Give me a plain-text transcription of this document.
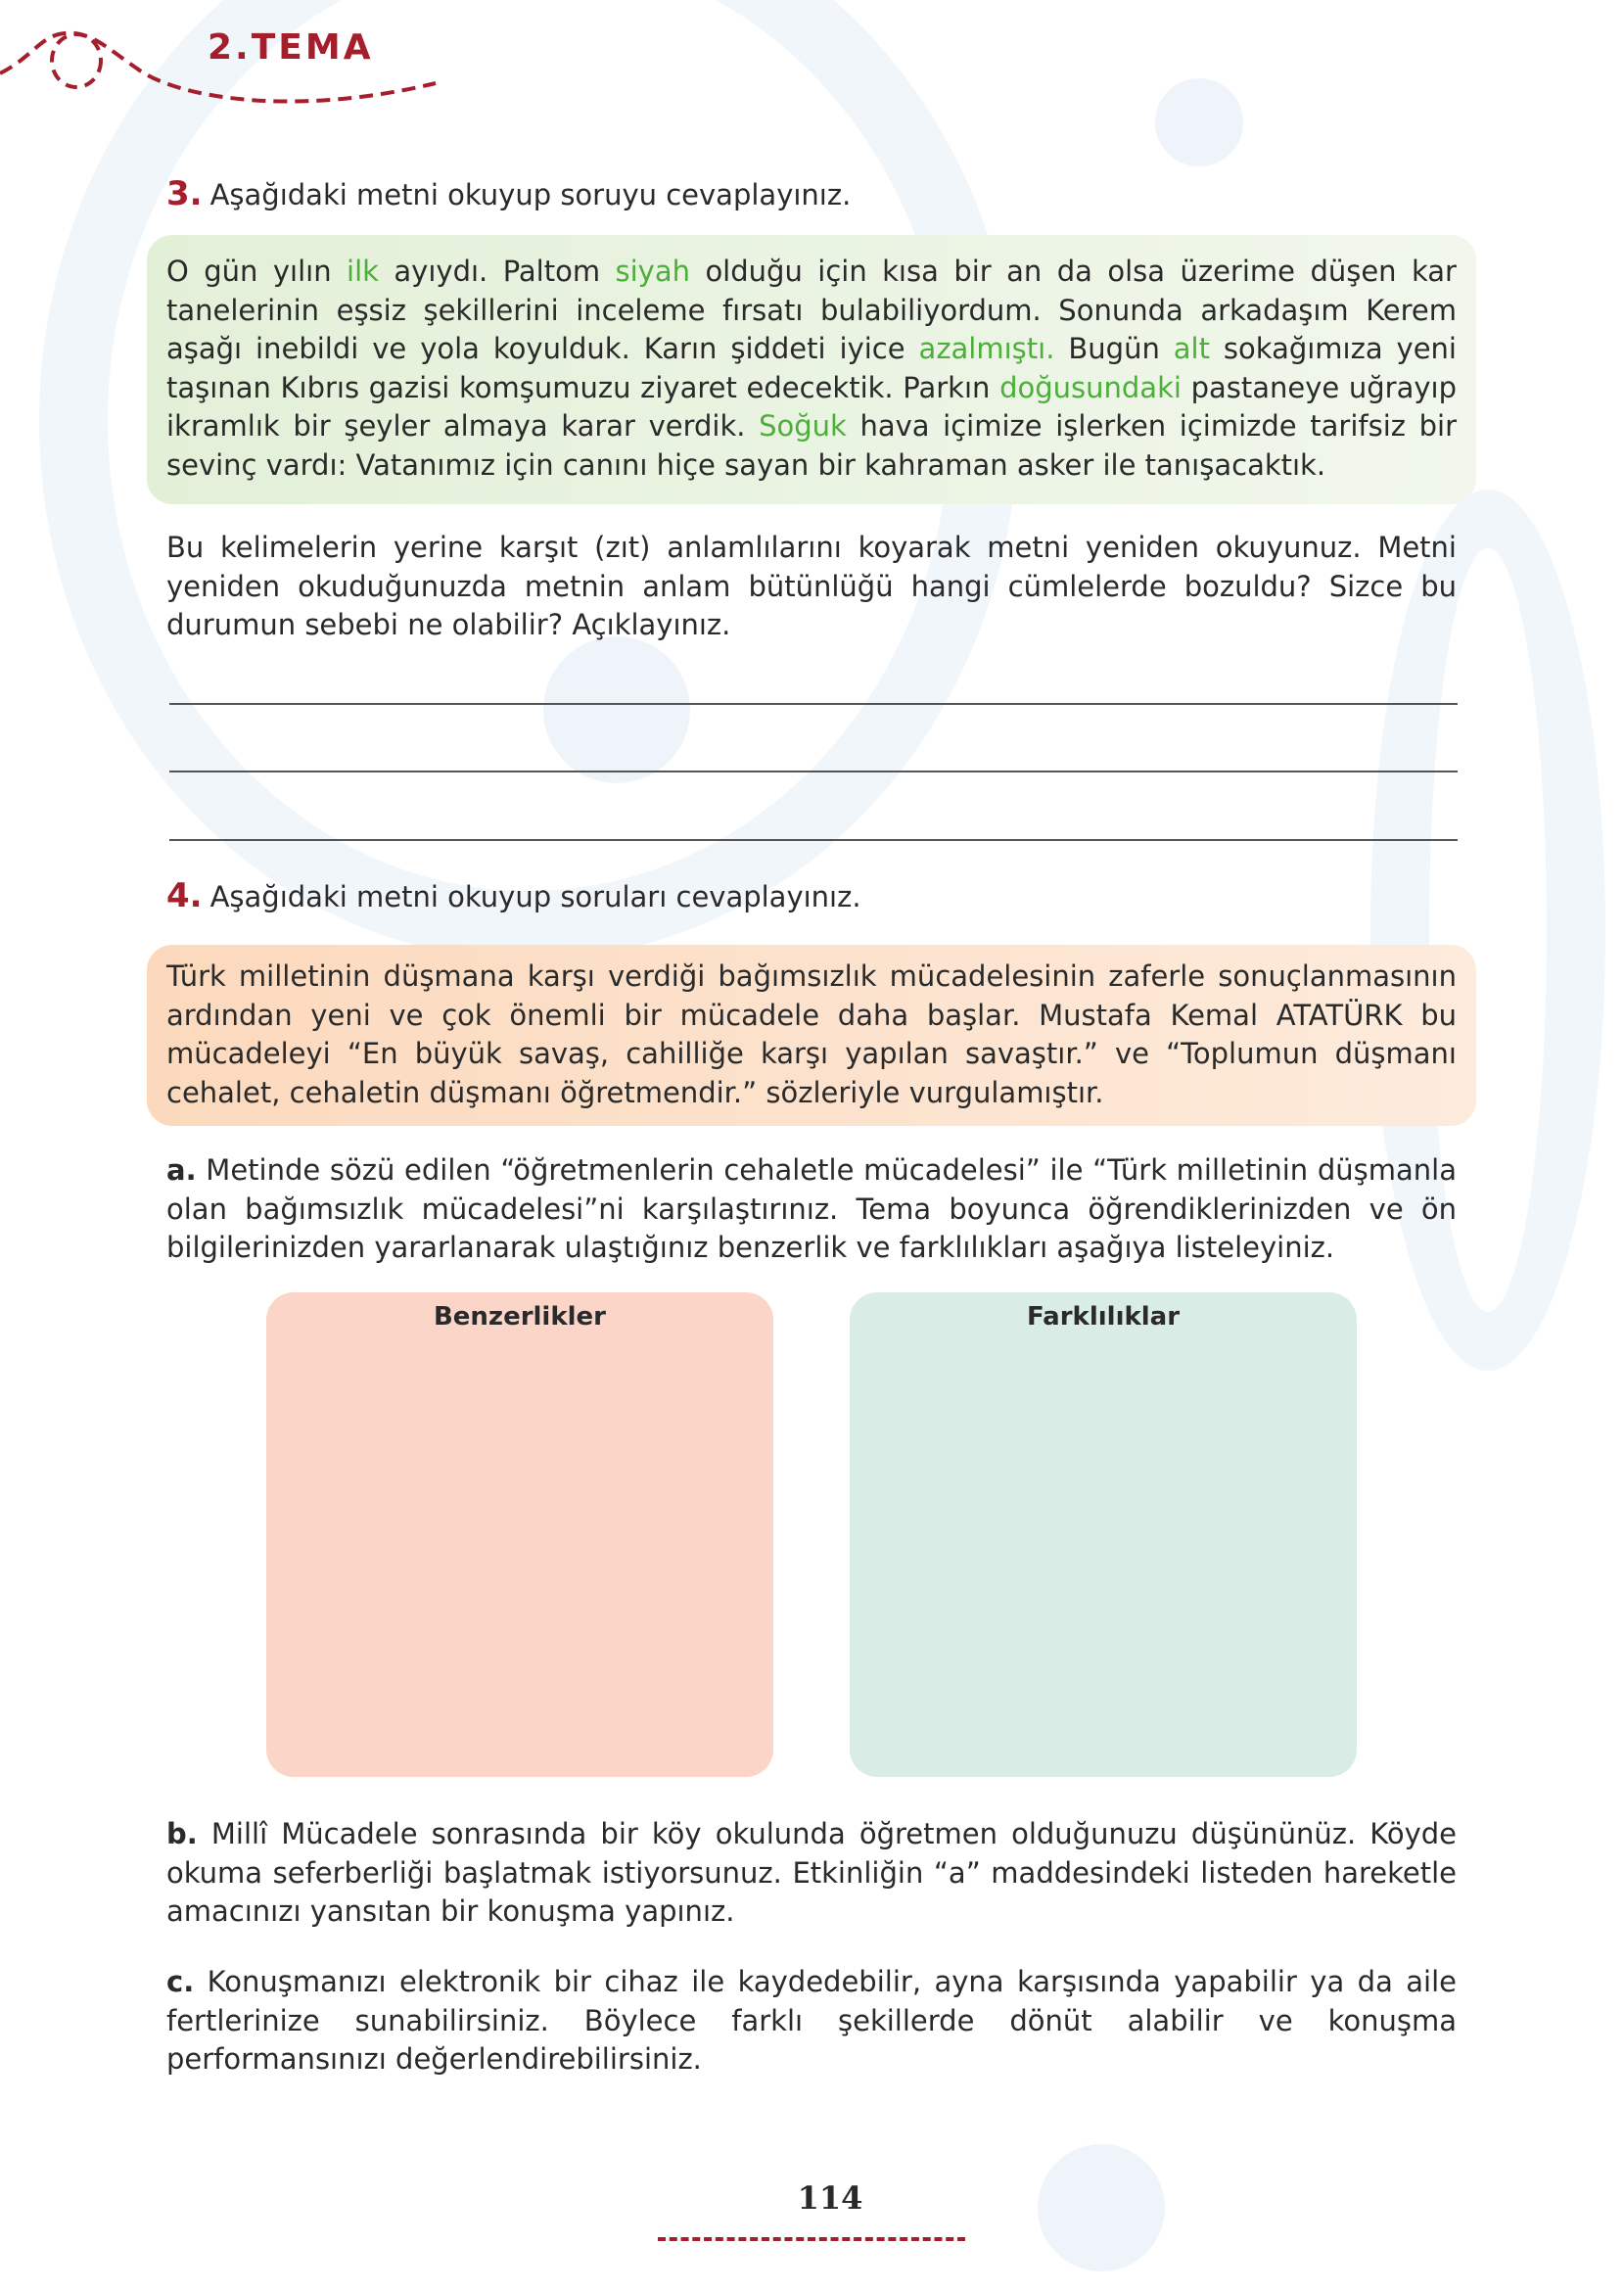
2.TEMA
3. Aşağıdaki metni okuyup soruyu cevaplayınız.
O gün yılın ilk ayıydı. Paltom siyah olduğu için kısa bir an da olsa üzerime düşen kar tanelerinin eşsiz şekillerini inceleme fırsatı bulabiliyordum. Sonunda arkadaşım Kerem aşağı inebildi ve yola koyulduk. Karın şiddeti iyice azalmıştı. Bugün alt sokağımıza yeni taşınan Kıbrıs gazisi komşumuzu ziyaret edecektik. Parkın doğusundaki pastaneye uğrayıp ikramlık bir şeyler almaya karar verdik. Soğuk hava içimize işlerken içimizde tarifsiz bir sevinç vardı: Vatanımız için canını hiçe sayan bir kahraman asker ile tanışacaktık.
Bu kelimelerin yerine karşıt (zıt) anlamlılarını koyarak metni yeniden okuyunuz. Metni yeniden okuduğunuzda metnin anlam bütünlüğü hangi cümlelerde bozuldu? Sizce bu durumun sebebi ne olabilir? Açıklayınız.
4. Aşağıdaki metni okuyup soruları cevaplayınız.
Türk milletinin düşmana karşı verdiği bağımsızlık mücadelesinin zaferle sonuçlanmasının ardından yeni ve çok önemli bir mücadele daha başlar. Mustafa Kemal ATATÜRK bu mücadeleyi “En büyük savaş, cahilliğe karşı yapılan savaştır.” ve “Toplumun düşmanı cehalet, cehaletin düşmanı öğretmendir.” sözleriyle vurgulamıştır.
a. Metinde sözü edilen “öğretmenlerin cehaletle mücadelesi” ile “Türk milletinin düşmanla olan bağımsızlık mücadelesi”ni karşılaştırınız. Tema boyunca öğrendiklerinizden ve ön bilgilerinizden yararlanarak ulaştığınız benzerlik ve farklılıkları aşağıya listeleyiniz.
Benzerlikler	Farklılıklar
b. Millî Mücadele sonrasında bir köy okulunda öğretmen olduğunuzu düşününüz. Köyde okuma seferberliği başlatmak istiyorsunuz. Etkinliğin “a” maddesindeki listeden hareketle amacınızı yansıtan bir konuşma yapınız.
c. Konuşmanızı elektronik bir cihaz ile kaydedebilir, ayna karşısında yapabilir ya da aile fertlerinize sunabilirsiniz. Böylece farklı şekillerde dönüt alabilir ve konuşma performansınızı değerlendirebilirsiniz.
114
